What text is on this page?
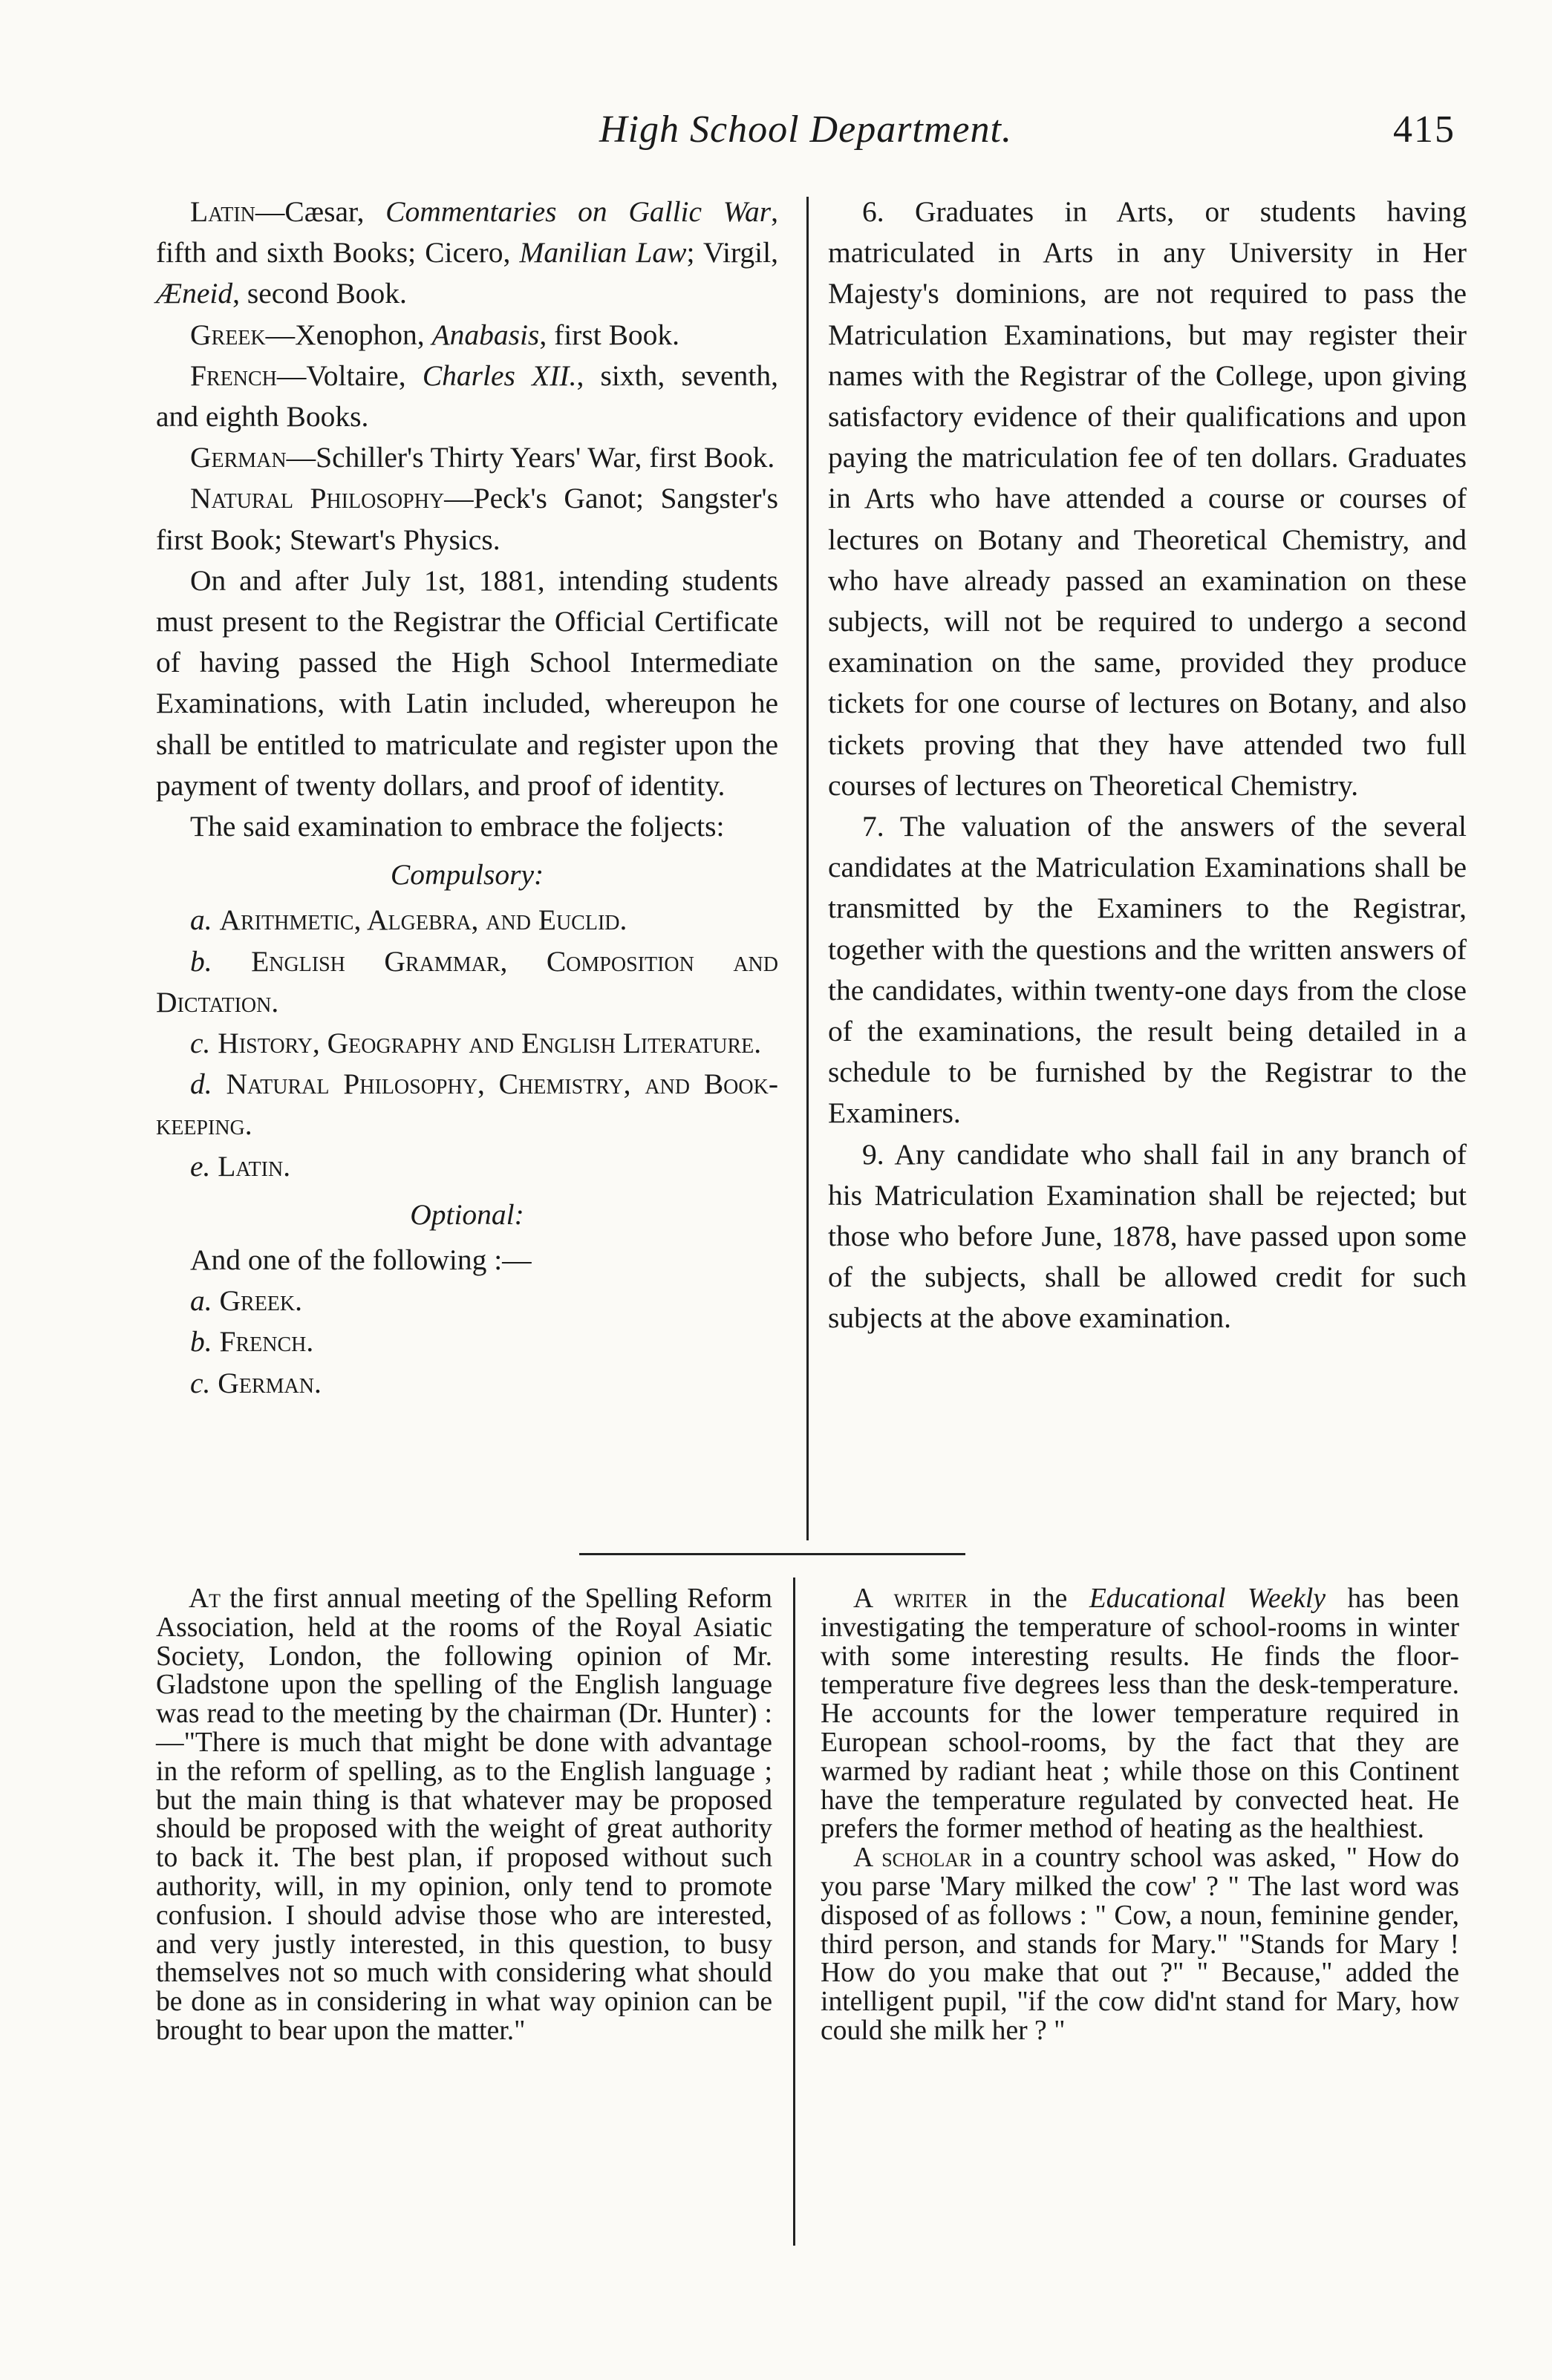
High School Department.	415

Latin—Cæsar, Commentaries on Gallic War, fifth and sixth Books; Cicero, Manilian Law; Virgil, Æneid, second Book.

Greek—Xenophon, Anabasis, first Book.

French—Voltaire, Charles XII., sixth, seventh, and eighth Books.

German—Schiller's Thirty Years' War, first Book.

Natural Philosophy—Peck's Ganot; Sangster's first Book; Stewart's Physics.

On and after July 1st, 1881, intending students must present to the Registrar the Official Certificate of having passed the High School Intermediate Examinations, with Latin included, whereupon he shall be entitled to matriculate and register upon the payment of twenty dollars, and proof of identity.

The said examination to embrace the foljects:

Compulsory:

a. Arithmetic, Algebra, and Euclid.

b. English Grammar, Composition and Dictation.

c. History, Geography and English Literature.

d. Natural Philosophy, Chemistry, and Book-keeping.

e. Latin.

Optional:

And one of the following :—

a. Greek.

b. French.

c. German.

6. Graduates in Arts, or students having matriculated in Arts in any University in Her Majesty's dominions, are not required to pass the Matriculation Examinations, but may register their names with the Registrar of the College, upon giving satisfactory evidence of their qualifications and upon paying the matriculation fee of ten dollars. Graduates in Arts who have attended a course or courses of lectures on Botany and Theoretical Chemistry, and who have already passed an examination on these subjects, will not be required to undergo a second examination on the same, provided they produce tickets for one course of lectures on Botany, and also tickets proving that they have attended two full courses of lectures on Theoretical Chemistry.

7. The valuation of the answers of the several candidates at the Matriculation Examinations shall be transmitted by the Examiners to the Registrar, together with the questions and the written answers of the candidates, within twenty-one days from the close of the examinations, the result being detailed in a schedule to be furnished by the Registrar to the Examiners.

9. Any candidate who shall fail in any branch of his Matriculation Examination shall be rejected; but those who before June, 1878, have passed upon some of the subjects, shall be allowed credit for such subjects at the above examination.

At the first annual meeting of the Spelling Reform Association, held at the rooms of the Royal Asiatic Society, London, the following opinion of Mr. Gladstone upon the spelling of the English language was read to the meeting by the chairman (Dr. Hunter) :—"There is much that might be done with advantage in the reform of spelling, as to the English language ; but the main thing is that whatever may be proposed should be proposed with the weight of great authority to back it. The best plan, if proposed without such authority, will, in my opinion, only tend to promote confusion. I should advise those who are interested, and very justly interested, in this question, to busy themselves not so much with considering what should be done as in considering in what way opinion can be brought to bear upon the matter."

A writer in the Educational Weekly has been investigating the temperature of school-rooms in winter with some interesting results. He finds the floor-temperature five degrees less than the desk-temperature. He accounts for the lower temperature required in European school-rooms, by the fact that they are warmed by radiant heat ; while those on this Continent have the temperature regulated by convected heat. He prefers the former method of heating as the healthiest.

A scholar in a country school was asked, " How do you parse 'Mary milked the cow' ? " The last word was disposed of as follows : " Cow, a noun, feminine gender, third person, and stands for Mary." "Stands for Mary ! How do you make that out ?" " Because," added the intelligent pupil, "if the cow did'nt stand for Mary, how could she milk her ? "
